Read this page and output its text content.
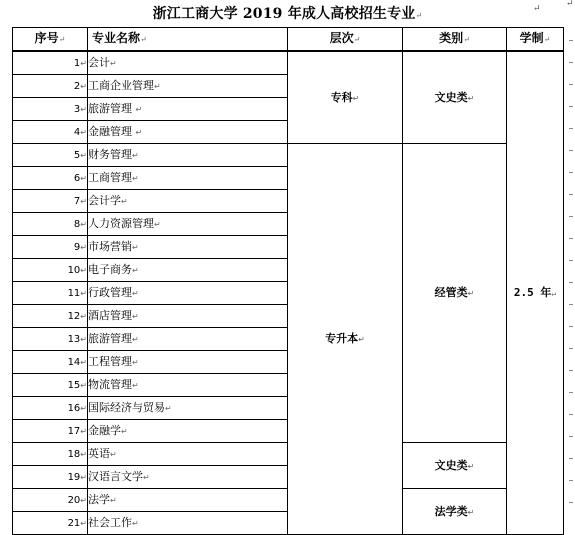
浙江工商大学 2019 年成人高校招生专业↵
↵	↵
序号↵	专业名称↵	层次↵	类别↵	学制↵
1↵	会计↵	专科↵	文史类↵	2.5 年↵
2↵	工商企业管理↵			
3↵	旅游管理 ↵			
4↵	金融管理 ↵			
5↵	财务管理↵	专升本↵	经管类↵	
6↵	工商管理↵			
7↵	会计学↵			
8↵	人力资源管理↵			
9↵	市场营销↵			
10↵	电子商务↵			
11↵	行政管理↵			
12↵	酒店管理↵			
13↵	旅游管理↵			
14↵	工程管理↵			
15↵	物流管理↵			
16↵	国际经济与贸易↵			
17↵	金融学↵			
18↵	英语↵		文史类↵	
19↵	汉语言文学↵			
20↵	法学↵		法学类↵	
21↵	社会工作↵			
